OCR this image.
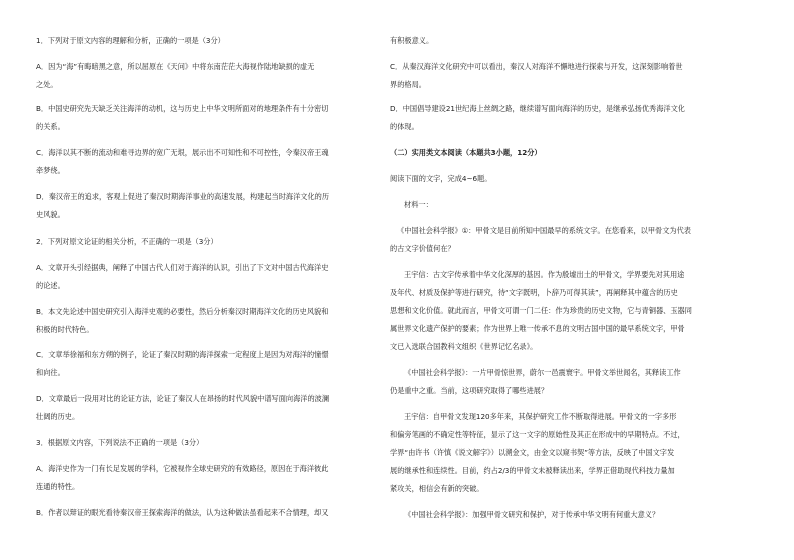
1．下列对于原文内容的理解和分析，正确的一项是（3分）
A．因为“海”有晦暗黑之意，所以屈原在《天问》中将东南茫茫大海视作陆地缺损的虚无
之处。
B．中国史研究先天缺乏关注海洋的动机，这与历史上中华文明所面对的地理条件有十分密切
的关系。
C．海洋以其不断的流动和难寻边界的宽广无垠，展示出不可知性和不可控性，令秦汉帝王魂
牵梦绕。
D．秦汉帝王的追求，客观上促进了秦汉时期海洋事业的高速发展，构建起当时海洋文化的历
史风貌。
2．下列对原文论证的相关分析，不正确的一项是（3分）
A．文章开头引经据典，阐释了中国古代人们对于海洋的认识，引出了下文对中国古代海洋史
的论述。
B．本文先论述中国史研究引入海洋史观的必要性，然后分析秦汉时期海洋文化的历史风貌和
积极的时代特色。
C．文章举徐福和东方朔的例子，论证了秦汉时期的海洋探索一定程度上是因为对海洋的憧憬
和向往。
D．文章最后一段用对比的论证方法，论证了秦汉人在昂扬的时代风貌中谱写面向海洋的波澜
壮阔的历史。
3．根据原文内容，下列说法不正确的一项是（3分）
A．海洋史作为一门有长足发展的学科，它被视作全球史研究的有效路径，原因在于海洋彼此
连通的特性。
B．作者以辩证的眼光看待秦汉帝王探索海洋的做法，认为这种做法虽看起来不合情理，却又
有积极意义。
C．从秦汉海洋文化研究中可以看出，秦汉人对海洋不懈地进行探索与开发，这深刻影响着世
界的格局。
D．中国倡导建设21世纪海上丝绸之路，继续谱写面向海洋的历史，是继承弘扬优秀海洋文化
的体现。
（二）实用类文本阅读（本题共3小题，12分）
阅读下面的文字，完成4~6题。
材料一：
《中国社会科学报》①：甲骨文是目前所知中国最早的系统文字。在您看来，以甲骨文为代表
的古文字价值何在？
王宇信：古文字传承着中华文化深厚的基因。作为殷墟出土的甲骨文，学界要先对其用途
及年代、材质及保护等进行研究，待“文字既明，卜辞乃可得其读”，再阐释其中蕴含的历史
思想和文化价值。就此而言，甲骨文可谓一门二任：作为珍贵的历史文物，它与青铜器、玉器同
属世界文化遗产保护的要素；作为世界上唯一传承不息的文明古国中国的最早系统文字，甲骨
文已入选联合国教科文组织《世界记忆名录》。
《中国社会科学报》：一片甲骨惊世界，蔚尔一邑震寰宇。甲骨文举世闻名，其释读工作
仍是重中之重。当前，这项研究取得了哪些进展？
王宇信：自甲骨文发现120多年来，其保护研究工作不断取得进展。甲骨文的一字多形
和偏旁笔画的不确定性等特征，显示了这一文字的原始性及其正在形成中的早期特点。不过，
学界“由许书（许慎《说文解字》）以溯金文，由金文以窥书契”等方法，反映了中国文字发
展的继承性和连续性。目前，约占2/3的甲骨文未被释读出来，学界正借助现代科技力量加
紧攻关，相信会有新的突破。
《中国社会科学报》：加强甲骨文研究和保护，对于传承中华文明有何重大意义？
